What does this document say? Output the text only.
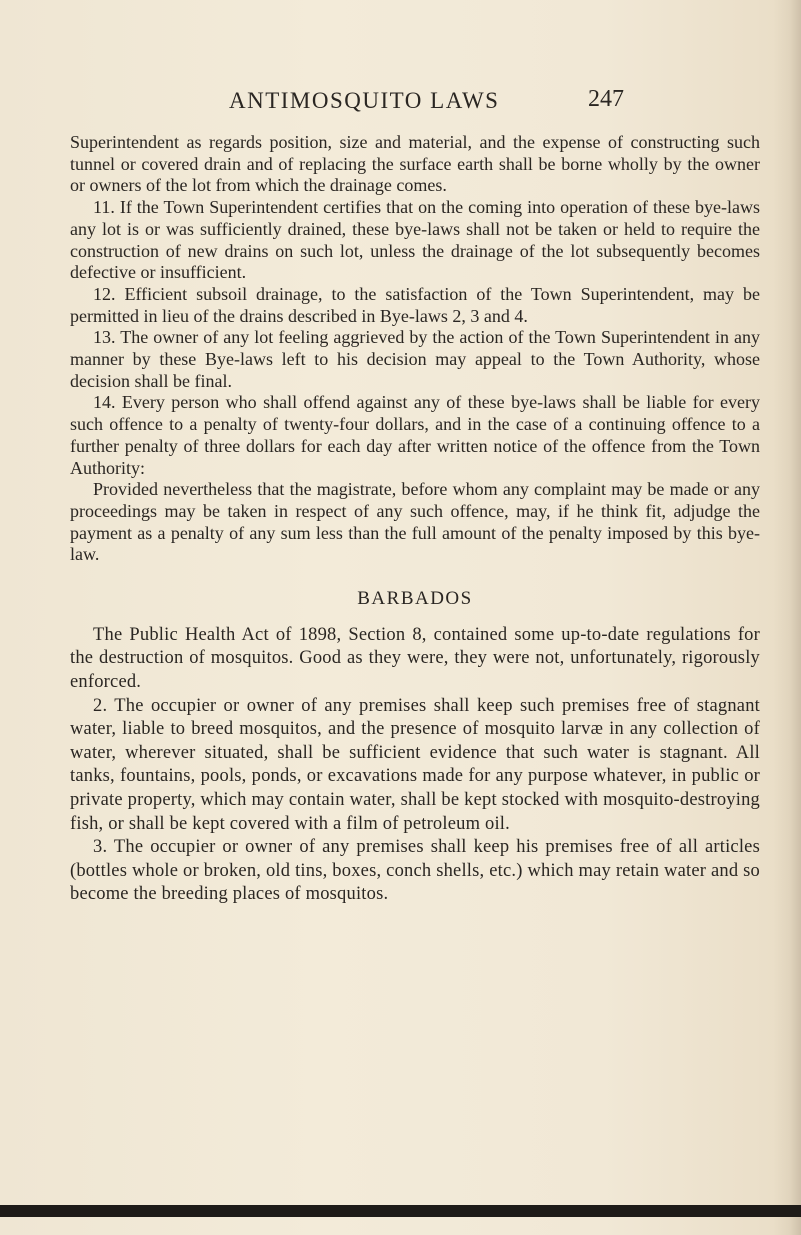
ANTIMOSQUITO LAWS	247

Superintendent as regards position, size and material, and the expense of constructing such tunnel or covered drain and of replacing the surface earth shall be borne wholly by the owner or owners of the lot from which the drainage comes.

11. If the Town Superintendent certifies that on the coming into operation of these bye-laws any lot is or was sufficiently drained, these bye-laws shall not be taken or held to require the construction of new drains on such lot, unless the drainage of the lot subsequently becomes defective or insufficient.

12. Efficient subsoil drainage, to the satisfaction of the Town Superintendent, may be permitted in lieu of the drains described in Bye-laws 2, 3 and 4.

13. The owner of any lot feeling aggrieved by the action of the Town Superintendent in any manner by these Bye-laws left to his decision may appeal to the Town Authority, whose decision shall be final.

14. Every person who shall offend against any of these bye-laws shall be liable for every such offence to a penalty of twenty-four dollars, and in the case of a continuing offence to a further penalty of three dollars for each day after written notice of the offence from the Town Authority:

Provided nevertheless that the magistrate, before whom any complaint may be made or any proceedings may be taken in respect of any such offence, may, if he think fit, adjudge the payment as a penalty of any sum less than the full amount of the penalty imposed by this bye-law.

BARBADOS

The Public Health Act of 1898, Section 8, contained some up-to-date regulations for the destruction of mosquitos. Good as they were, they were not, unfortunately, rigorously enforced.

2. The occupier or owner of any premises shall keep such premises free of stagnant water, liable to breed mosquitos, and the presence of mosquito larvæ in any collection of water, wherever situated, shall be sufficient evidence that such water is stagnant. All tanks, fountains, pools, ponds, or excavations made for any purpose whatever, in public or private property, which may contain water, shall be kept stocked with mosquito-destroying fish, or shall be kept covered with a film of petroleum oil.

3. The occupier or owner of any premises shall keep his premises free of all articles (bottles whole or broken, old tins, boxes, conch shells, etc.) which may retain water and so become the breeding places of mosquitos.
